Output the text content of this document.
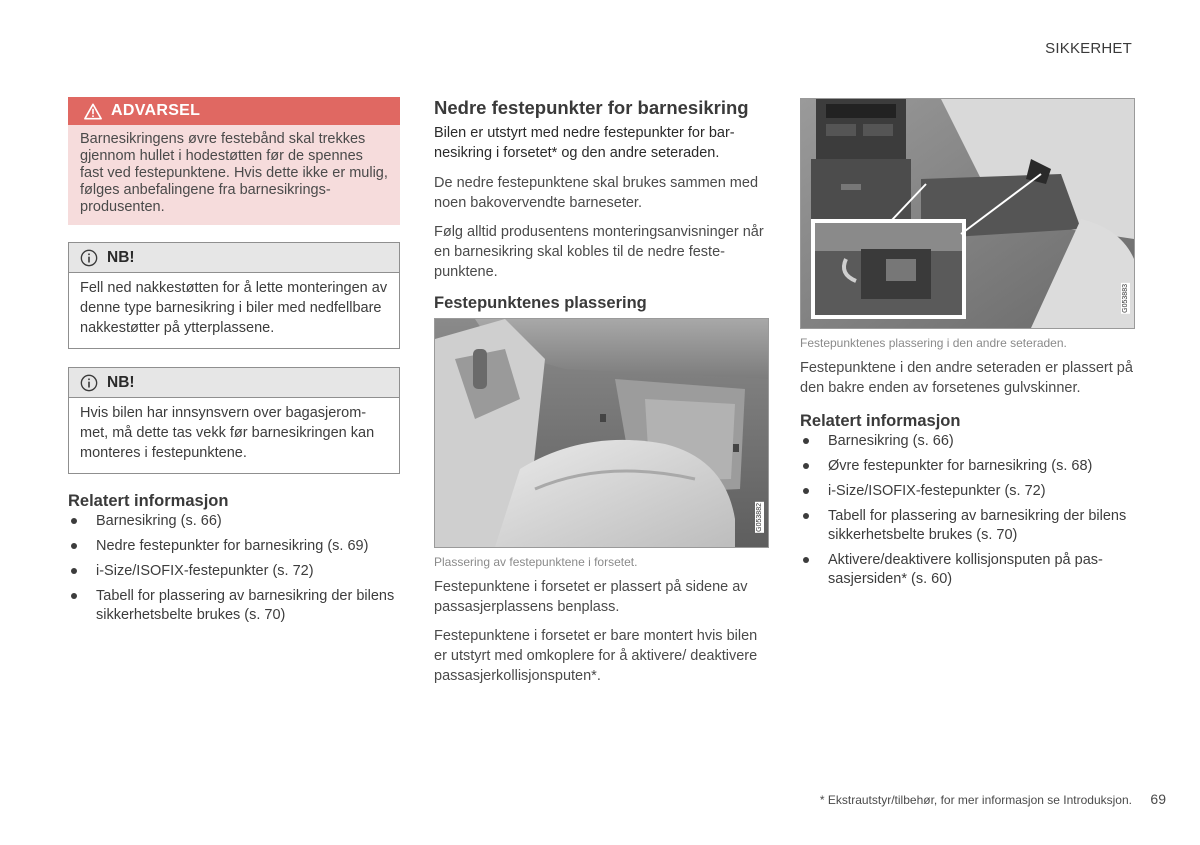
SIKKERHET
ADVARSEL
Barnesikringens øvre festebånd skal trekkes gjennom hullet i hodestøtten før de spennes fast ved festepunktene. Hvis dette ikke er mulig, følges anbefalingene fra barnesikringsprodusenten.
NB!
Fell ned nakkestøtten for å lette monteringen av denne type barnesikring i biler med nedfellbare nakkestøtter på ytterplassene.
NB!
Hvis bilen har innsynsvern over bagasjerommet, må dette tas vekk før barnesikringen kan monteres i festepunktene.
Relatert informasjon
Barnesikring (s. 66)
Nedre festepunkter for barnesikring (s. 69)
i-Size/ISOFIX-festepunkter (s. 72)
Tabell for plassering av barnesikring der bilens sikkerhetsbelte brukes (s. 70)
Nedre festepunkter for barnesikring

Bilen er utstyrt med nedre festepunkter for barnesikring i forsetet* og den andre seteraden.

De nedre festepunktene skal brukes sammen med noen bakovervendte barneseter.

Følg alltid produsentens monteringsanvisninger når en barnesikring skal kobles til de nedre festepunktene.

Festepunktenes plassering
G053882
Plassering av festepunktene i forsetet.

Festepunktene i forsetet er plassert på sidene av passasjerplassens benplass.

Festepunktene i forsetet er bare montert hvis bilen er utstyrt med omkoplere for å aktivere/ deaktivere passasjerkollisjonsputen*.

G053883
Festepunktenes plassering i den andre seteraden.

Festepunktene i den andre seteraden er plassert på den bakre enden av forsetenes gulvskinner.

Relatert informasjon
Barnesikring (s. 66)
Øvre festepunkter for barnesikring (s. 68)
i-Size/ISOFIX-festepunkter (s. 72)
Tabell for plassering av barnesikring der bilens sikkerhetsbelte brukes (s. 70)
Aktivere/deaktivere kollisjonsputen på passasjersiden* (s. 60)
* Ekstrautstyr/tilbehør, for mer informasjon se Introduksjon. 69
